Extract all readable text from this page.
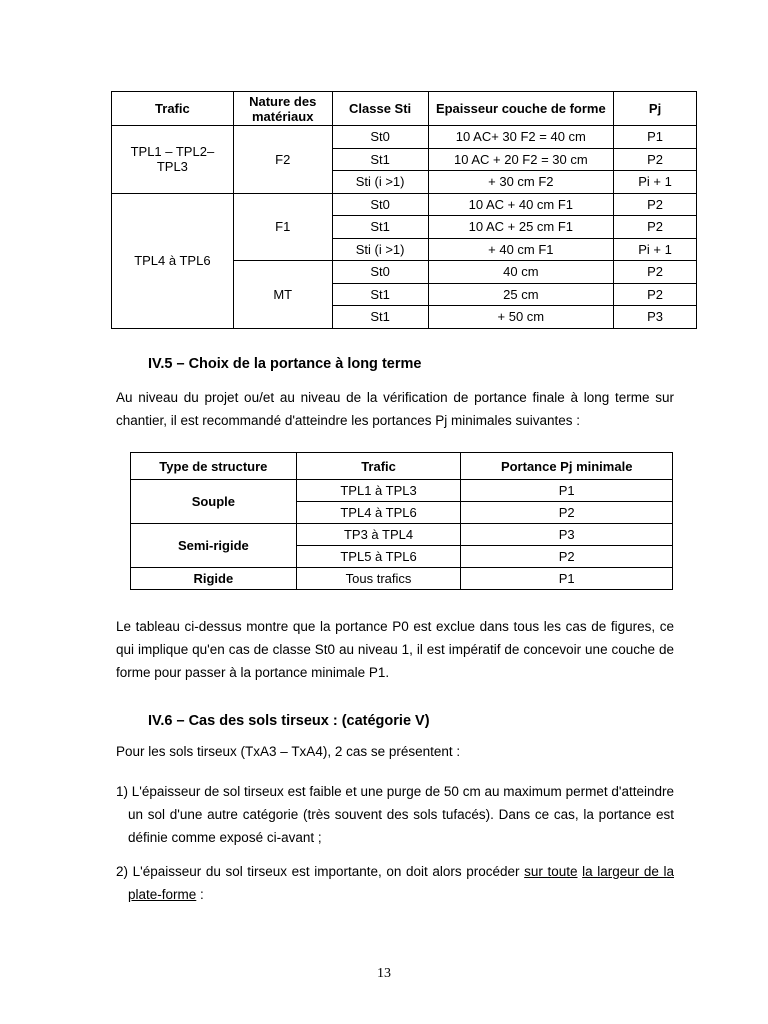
Trafic	Nature des matériaux	Classe Sti	Epaisseur couche de forme	Pj
TPL1 – TPL2– TPL3	F2	St0	10 AC+ 30 F2 = 40 cm	P1
		St1	10 AC + 20 F2 = 30 cm	P2
		Sti (i >1)	+ 30 cm F2	Pi + 1
TPL4 à TPL6	F1	St0	10 AC + 40 cm F1	P2
		St1	10 AC + 25 cm F1	P2
		Sti (i >1)	+ 40 cm F1	Pi + 1
	MT	St0	40 cm	P2
		St1	25 cm	P2
		St1	+ 50 cm	P3
IV.5 – Choix de la portance à long terme
Au niveau du projet ou/et au niveau de la vérification de portance finale à long terme sur chantier, il est recommandé d'atteindre les portances Pj minimales suivantes :
Type de structure	Trafic	Portance Pj minimale
Souple	TPL1 à TPL3	P1
	TPL4 à TPL6	P2
Semi-rigide	TP3 à TPL4	P3
	TPL5 à TPL6	P2
Rigide	Tous trafics	P1
Le tableau ci-dessus montre que la portance P0 est exclue dans tous les cas de figures, ce qui implique qu'en cas de classe St0 au niveau 1, il est impératif de concevoir une couche de forme pour passer à la portance minimale P1.
IV.6 – Cas des sols tirseux : (catégorie V)
Pour les sols tirseux (TxA3 – TxA4), 2 cas se présentent :
1) L'épaisseur de sol tirseux est faible et une purge de 50 cm au maximum permet d'atteindre un sol d'une autre catégorie (très souvent des sols tufacés). Dans ce cas, la portance est définie comme exposé ci-avant ;
2) L'épaisseur du sol tirseux est importante, on doit alors procéder sur toute la largeur de la plate-forme :
13
